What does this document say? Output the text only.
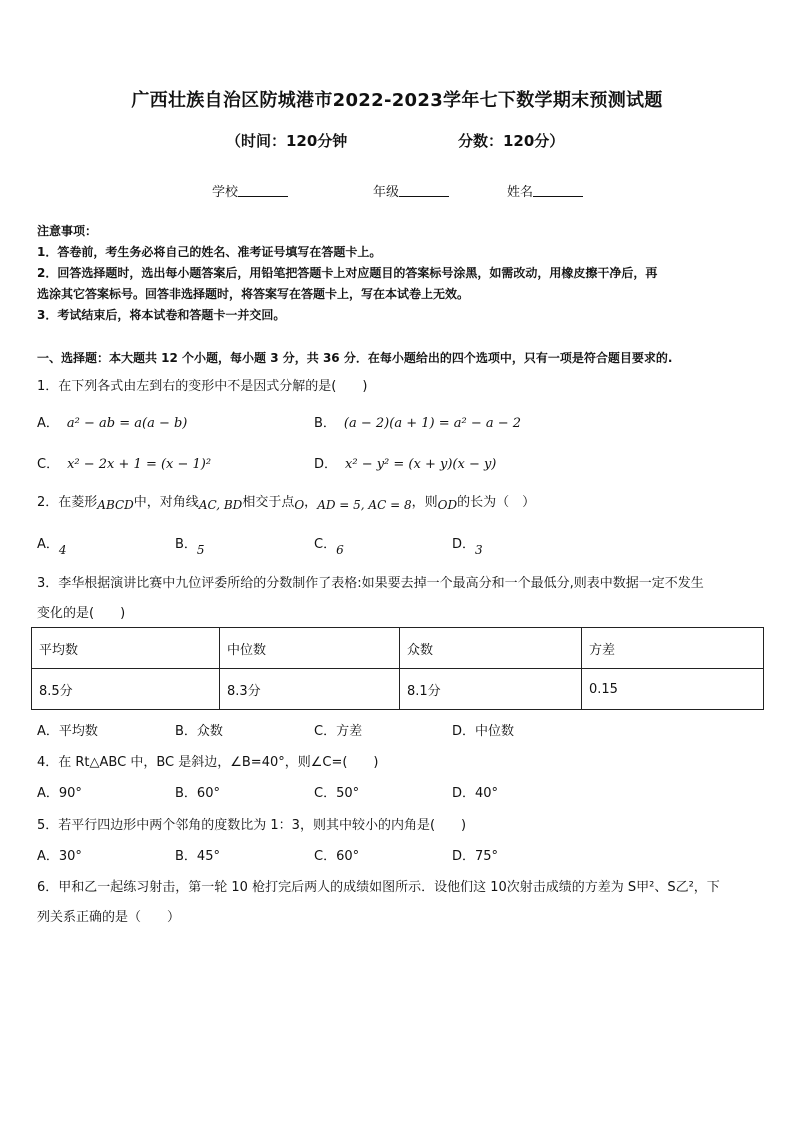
广西壮族自治区防城港市2022-2023学年七下数学期末预测试题
（时间：120分钟	分数：120分）
学校	年级	姓名
注意事项：
1．答卷前，考生务必将自己的姓名、准考证号填写在答题卡上。
2．回答选择题时，选出每小题答案后，用铅笔把答题卡上对应题目的答案标号涂黑，如需改动，用橡皮擦干净后，再
选涂其它答案标号。回答非选择题时，将答案写在答题卡上，写在本试卷上无效。
3．考试结束后，将本试卷和答题卡一并交回。
一、选择题：本大题共 12 个小题，每小题 3 分，共 36 分．在每小题给出的四个选项中，只有一项是符合题目要求的.
1．在下列各式由左到右的变形中不是因式分解的是(　　)
A． a² − ab = a(a − b)	B． (a − 2)(a + 1) = a² − a − 2
C． x² − 2x + 1 = (x − 1)²	D． x² − y² = (x + y)(x − y)
2．在菱形ABCD中，对角线AC, BD相交于点O，AD = 5, AC = 8，则OD的长为（　）
A．4	B．5	C．6	D．3
3．李华根据演讲比赛中九位评委所给的分数制作了表格:如果要去掉一个最高分和一个最低分,则表中数据一定不发生
变化的是(　　)
平均数	中位数	众数	方差
8.5分	8.3分	8.1分	0.15
A．平均数	B．众数	C．方差	D．中位数
4．在 Rt△ABC 中，BC 是斜边，∠B=40°，则∠C=(　　)
A．90°	B．60°	C．50°	D．40°
5．若平行四边形中两个邻角的度数比为 1：3，则其中较小的内角是(　　)
A．30°	B．45°	C．60°	D．75°
6．甲和乙一起练习射击，第一轮 10 枪打完后两人的成绩如图所示．设他们这 10次射击成绩的方差为 S甲²、S乙²，下
列关系正确的是（　　）
